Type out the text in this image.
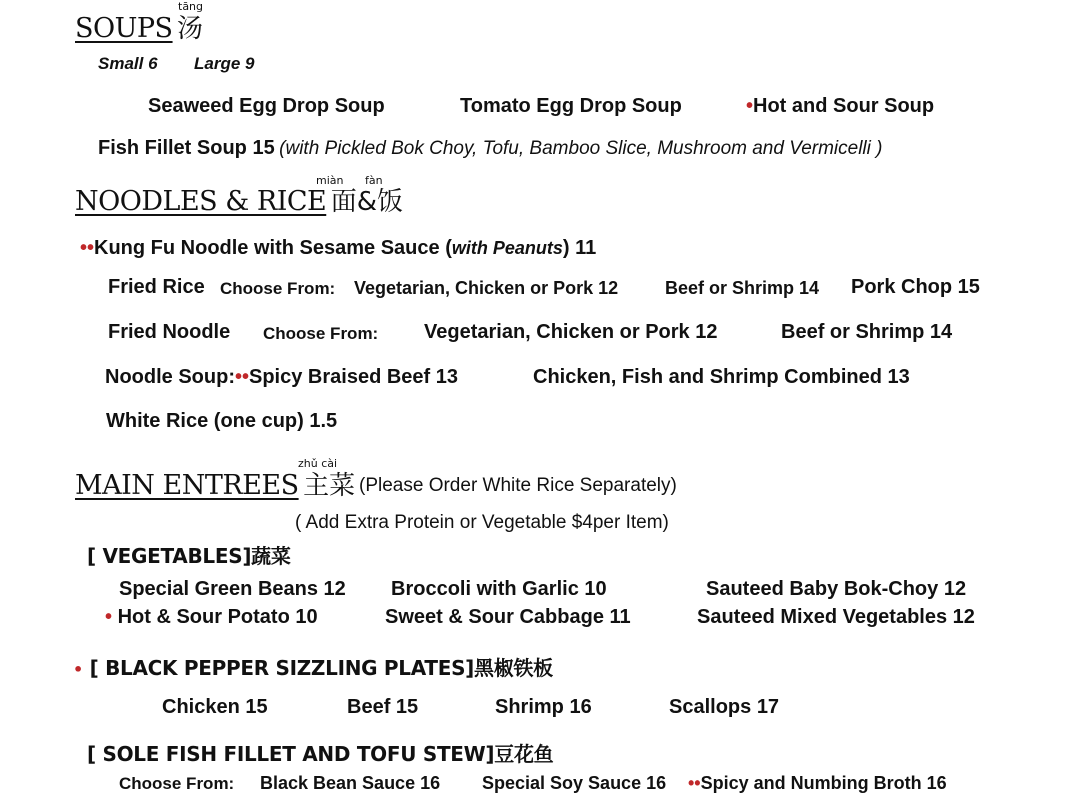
tāng
SOUPS 汤
Small 6 Large 9
Seaweed Egg Drop Soup	Tomato Egg Drop Soup	•Hot and Sour Soup
Fish Fillet Soup 15 (with Pickled Bok Choy, Tofu, Bamboo Slice, Mushroom and Vermicelli )
miàn fàn
NOODLES & RICE 面&饭
••Kung Fu Noodle with Sesame Sauce (with Peanuts) 11
Fried Rice Choose From: Vegetarian, Chicken or Pork 12	Beef or Shrimp 14 Pork Chop 15
Fried Noodle Choose From: Vegetarian, Chicken or Pork 12	Beef or Shrimp 14
Noodle Soup:••Spicy Braised Beef 13	Chicken, Fish and Shrimp Combined 13
White Rice (one cup) 1.5
zhǔ cài
MAIN ENTREES 主菜 (Please Order White Rice Separately)
( Add Extra Protein or Vegetable $4per Item)
[ VEGETABLES]蔬菜
Special Green Beans 12 Broccoli with Garlic 10	Sauteed Baby Bok-Choy 12
• Hot & Sour Potato 10	Sweet & Sour Cabbage 11	Sauteed Mixed Vegetables 12
• [ BLACK PEPPER SIZZLING PLATES]黑椒铁板
Chicken 15	Beef 15	Shrimp 16	Scallops 17
[ SOLE FISH FILLET AND TOFU STEW]豆花鱼
Choose From: Black Bean Sauce 16 Special Soy Sauce 16 ••Spicy and Numbing Broth 16
